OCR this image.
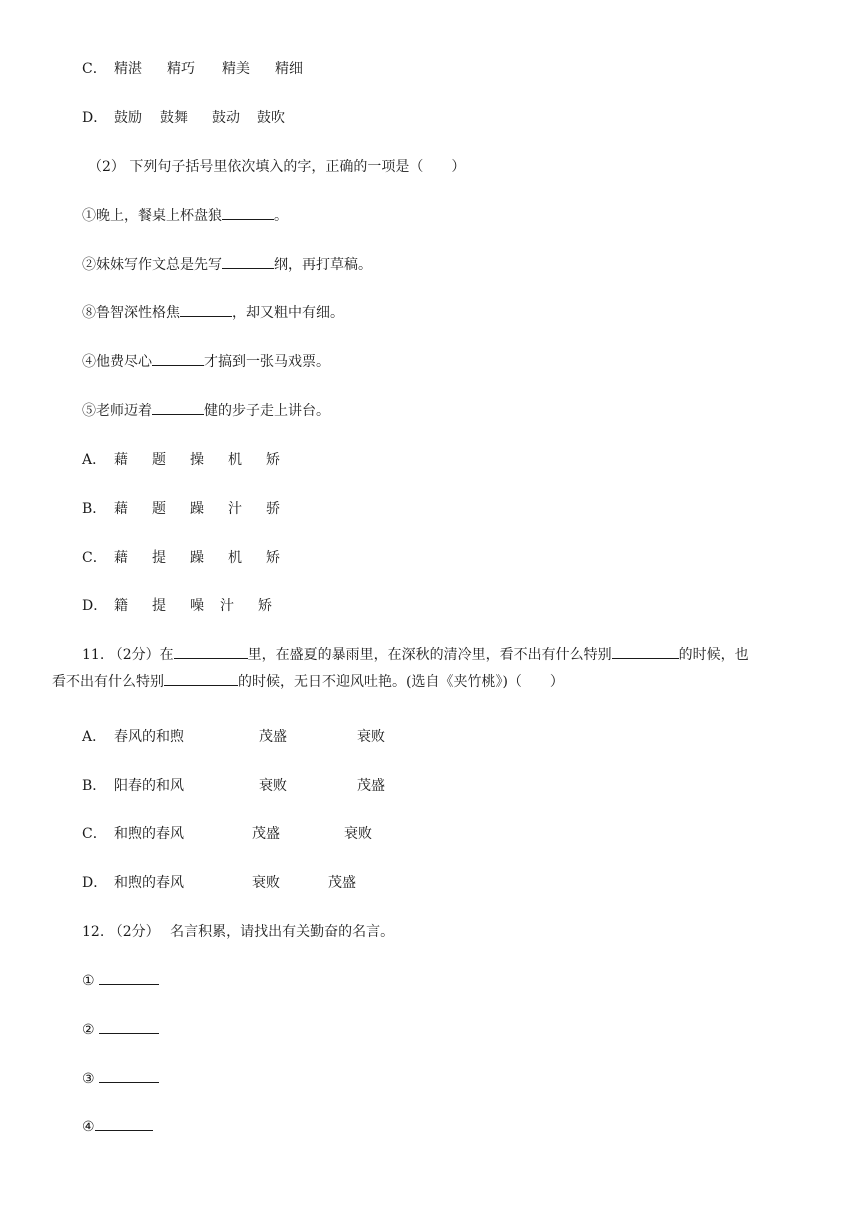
C． 精湛 精巧 精美 精细
D． 鼓励 鼓舞 鼓动 鼓吹
（2） 下列句子括号里依次填入的字，正确的一项是（　　）
①晚上，餐桌上杯盘狼	。
②妹妹写作文总是先写	纲，再打草稿。
⑧鲁智深性格焦	，却又粗中有细。
④他费尽心	才搞到一张马戏票。
⑤老师迈着	健的步子走上讲台。
A． 藉 题 操 机 矫
B． 藉 题 躁 汁 骄
C． 藉 提 躁 机 矫
D． 籍 提 噪 汁 矫
11. （2分）在	里，在盛夏的暴雨里，在深秋的清冷里，看不出有什么特别	的时候，也
看不出有什么特别	的时候，无日不迎风吐艳。(选自《夹竹桃》)（　　）
A． 春风的和煦	茂盛	衰败
B． 阳春的和风	衰败	茂盛
C． 和煦的春风	茂盛	衰败
D． 和煦的春风	衰败	茂盛
12. （2分） 名言积累，请找出有关勤奋的名言。
①
②
③
④
